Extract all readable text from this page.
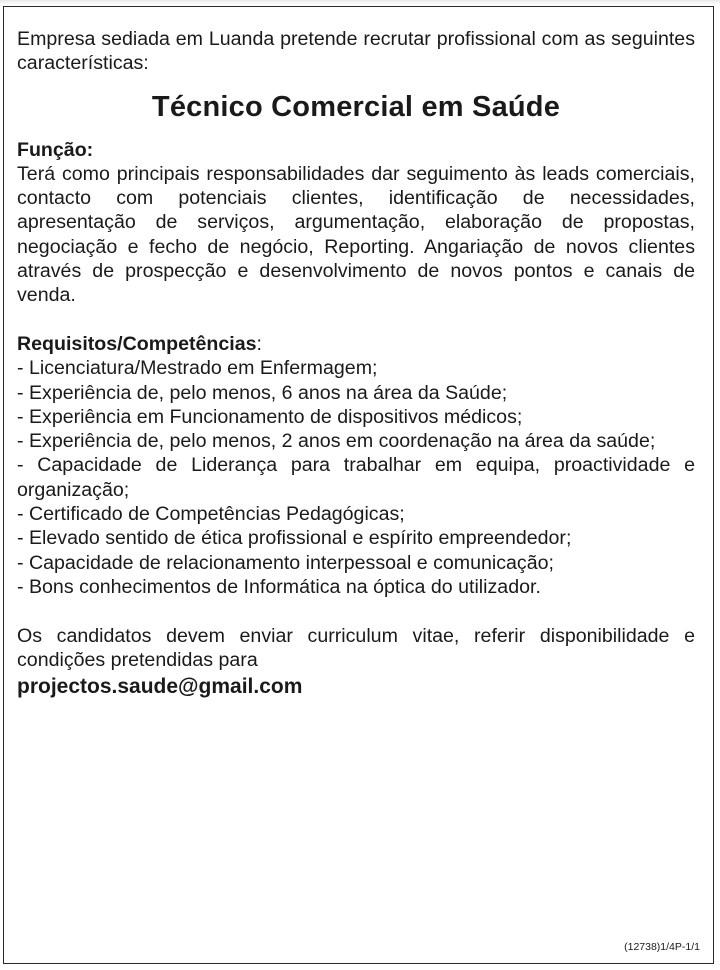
Empresa sediada em Luanda pretende recrutar profissional com as seguintes características:
Técnico Comercial em Saúde
Função:
Terá como principais responsabilidades dar seguimento às leads comerciais, contacto com potenciais clientes, identificação de necessidades, apresentação de serviços, argumentação, elaboração de propostas, negociação e fecho de negócio, Reporting. Angariação de novos clientes através de prospecção e desenvolvimento de novos pontos e canais de venda.
Requisitos/Competências:
- Licenciatura/Mestrado em Enfermagem;
- Experiência de, pelo menos, 6 anos na área da Saúde;
- Experiência em Funcionamento de dispositivos médicos;
- Experiência de, pelo menos, 2 anos em coordenação na área da saúde;
- Capacidade de Liderança para trabalhar em equipa, proactividade e organização;
- Certificado de Competências Pedagógicas;
- Elevado sentido de ética profissional e espírito empreendedor;
- Capacidade de relacionamento interpessoal e comunicação;
- Bons conhecimentos de Informática na óptica do utilizador.
Os candidatos devem enviar curriculum vitae, referir disponibilidade e condições pretendidas para
projectos.saude@gmail.com
(12738)1/4P-1/1
